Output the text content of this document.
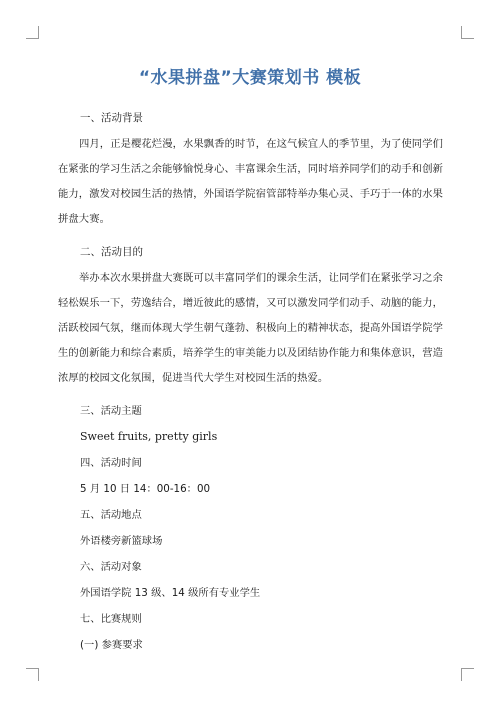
“水果拼盘”大赛策划书 模板
一、活动背景

四月，正是樱花烂漫，水果飘香的时节，在这气候宜人的季节里，为了使同学们在紧张的学习生活之余能够愉悦身心、丰富课余生活，同时培养同学们的动手和创新能力，激发对校园生活的热情，外国语学院宿管部特举办集心灵、手巧于一体的水果拼盘大赛。

二、活动目的

举办本次水果拼盘大赛既可以丰富同学们的课余生活，让同学们在紧张学习之余轻松娱乐一下，劳逸结合，增近彼此的感情，又可以激发同学们动手、动脑的能力，活跃校园气氛，继而体现大学生朝气蓬勃、积极向上的精神状态，提高外国语学院学生的创新能力和综合素质，培养学生的审美能力以及团结协作能力和集体意识，营造浓厚的校园文化氛围，促进当代大学生对校园生活的热爱。

三、活动主题
Sweet fruits, pretty girls
四、活动时间
5 月 10 日 14：00-16：00
五、活动地点
外语楼旁新篮球场
六、活动对象
外国语学院 13 级、14 级所有专业学生
七、比赛规则
(一) 参赛要求
